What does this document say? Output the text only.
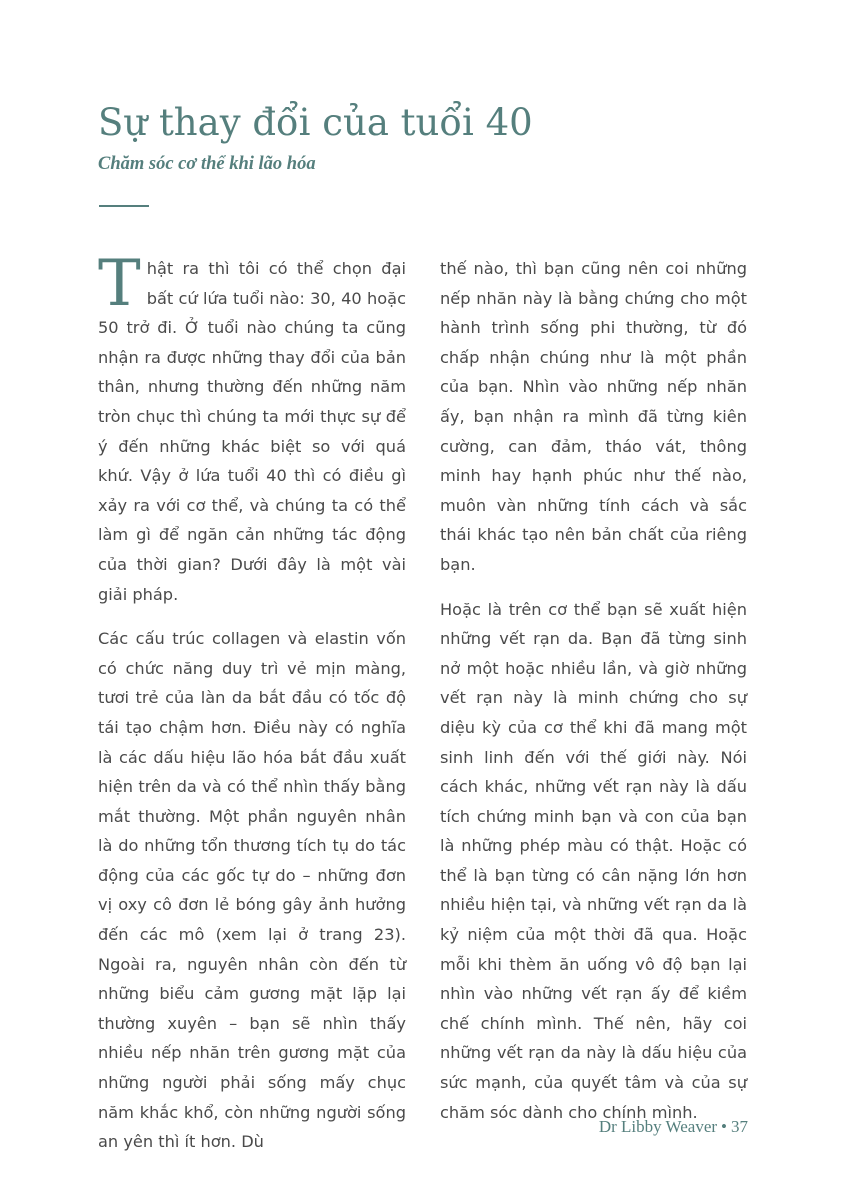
Sự thay đổi của tuổi 40
Chăm sóc cơ thể khi lão hóa

Thật ra thì tôi có thể chọn đại bất cứ lứa tuổi nào: 30, 40 hoặc 50 trở đi. Ở tuổi nào chúng ta cũng nhận ra được những thay đổi của bản thân, nhưng thường đến những năm tròn chục thì chúng ta mới thực sự để ý đến những khác biệt so với quá khứ. Vậy ở lứa tuổi 40 thì có điều gì xảy ra với cơ thể, và chúng ta có thể làm gì để ngăn cản những tác động của thời gian? Dưới đây là một vài giải pháp.

Các cấu trúc collagen và elastin vốn có chức năng duy trì vẻ mịn màng, tươi trẻ của làn da bắt đầu có tốc độ tái tạo chậm hơn. Điều này có nghĩa là các dấu hiệu lão hóa bắt đầu xuất hiện trên da và có thể nhìn thấy bằng mắt thường. Một phần nguyên nhân là do những tổn thương tích tụ do tác động của các gốc tự do – những đơn vị oxy cô đơn lẻ bóng gây ảnh hưởng đến các mô (xem lại ở trang 23). Ngoài ra, nguyên nhân còn đến từ những biểu cảm gương mặt lặp lại thường xuyên – bạn sẽ nhìn thấy nhiều nếp nhăn trên gương mặt của những người phải sống mấy chục năm khắc khổ, còn những người sống an yên thì ít hơn. Dù

thế nào, thì bạn cũng nên coi những nếp nhăn này là bằng chứng cho một hành trình sống phi thường, từ đó chấp nhận chúng như là một phần của bạn. Nhìn vào những nếp nhăn ấy, bạn nhận ra mình đã từng kiên cường, can đảm, tháo vát, thông minh hay hạnh phúc như thế nào, muôn vàn những tính cách và sắc thái khác tạo nên bản chất của riêng bạn.

Hoặc là trên cơ thể bạn sẽ xuất hiện những vết rạn da. Bạn đã từng sinh nở một hoặc nhiều lần, và giờ những vết rạn này là minh chứng cho sự diệu kỳ của cơ thể khi đã mang một sinh linh đến với thế giới này. Nói cách khác, những vết rạn này là dấu tích chứng minh bạn và con của bạn là những phép màu có thật. Hoặc có thể là bạn từng có cân nặng lớn hơn nhiều hiện tại, và những vết rạn da là kỷ niệm của một thời đã qua. Hoặc mỗi khi thèm ăn uống vô độ bạn lại nhìn vào những vết rạn ấy để kiềm chế chính mình. Thế nên, hãy coi những vết rạn da này là dấu hiệu của sức mạnh, của quyết tâm và của sự chăm sóc dành cho chính mình.

Dr Libby Weaver • 37
